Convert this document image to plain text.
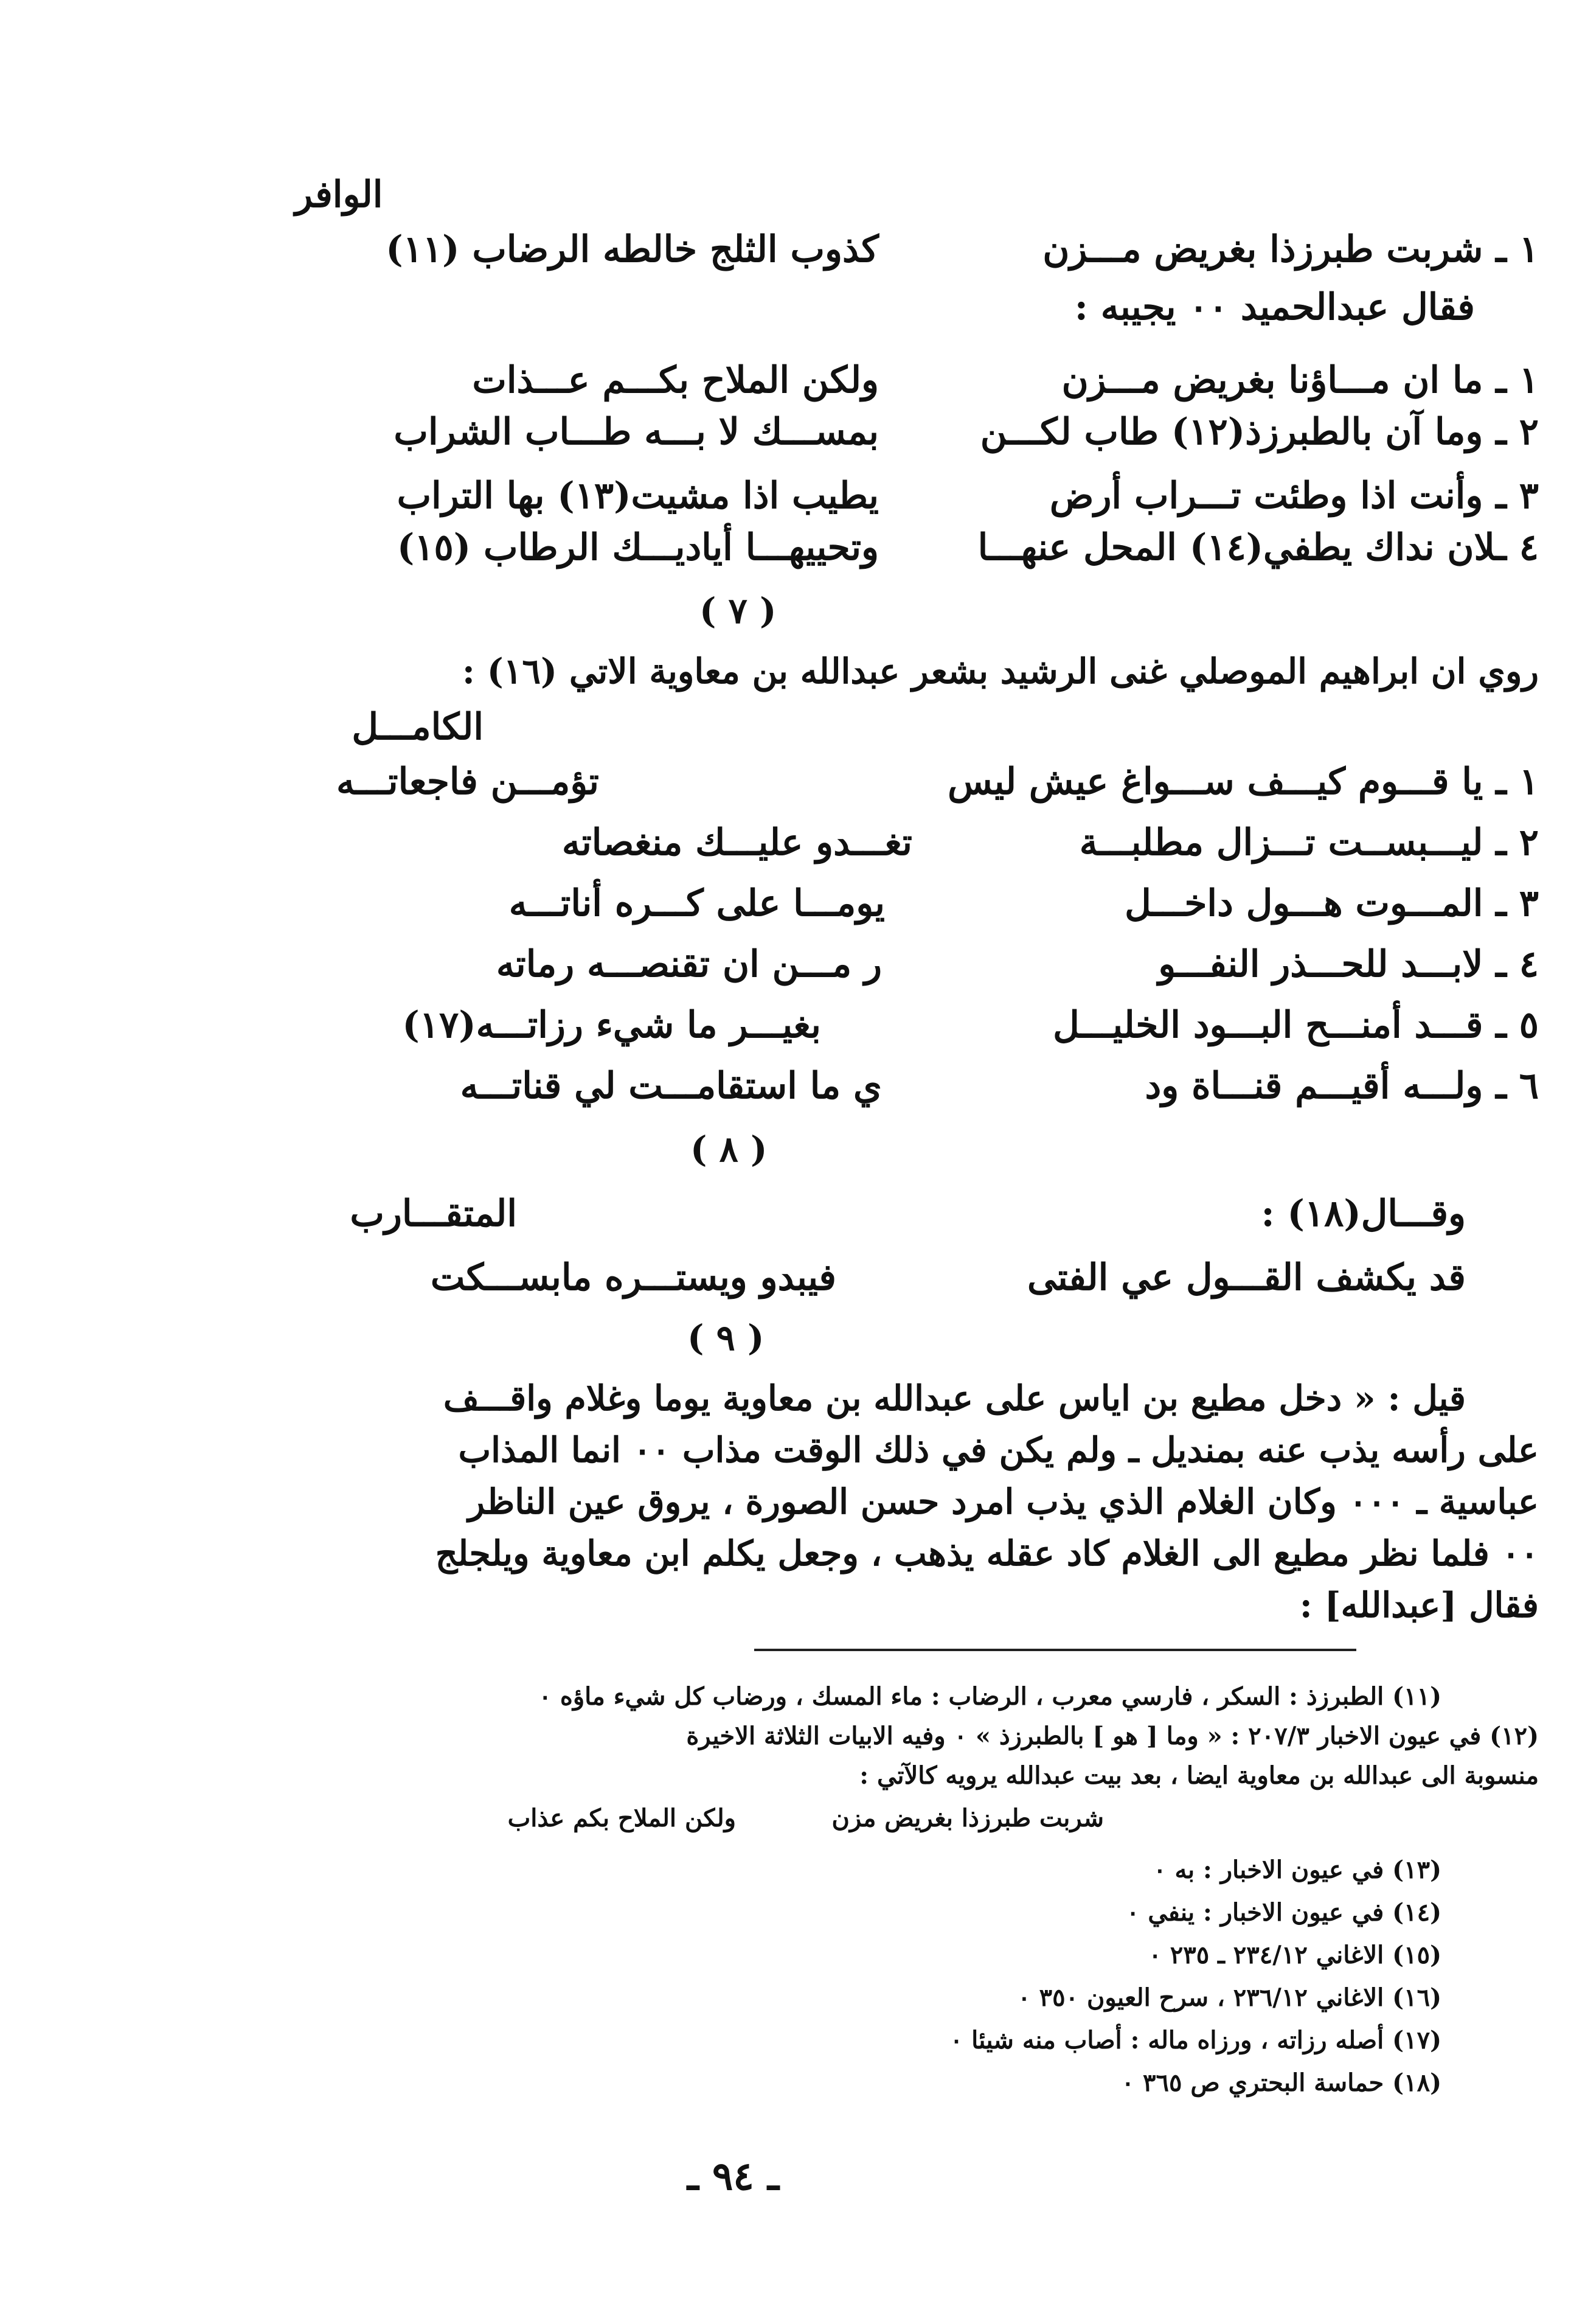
الوافر
١ ـ شربت طبرزذا بغريض مـــزن
كذوب الثلج خالطه الرضاب (١١)
فقال عبدالحميد ٠٠ يجيبه :
١ ـ ما ان مـــاؤنا بغريض مـــزن
ولكن الملاح بكـــم عـــذات
٢ ـ وما آن بالطبرزذ(١٢) طاب لكـــن
بمســـك لا بـــه طـــاب الشراب
٣ ـ وأنت اذا وطئت تـــراب أرض
يطيب اذا مشيت(١٣) بها التراب
٤ ـلان نداك يطفي(١٤) المحل عنهـــا
وتحييهـــا أياديـــك الرطاب (١٥)
( ٧ )
روي ان ابراهيم الموصلي غنى الرشيد بشعر عبدالله بن معاوية الاتي (١٦) :
الكامـــل
١ ـ يا قـــوم كيـــف ســـواغ عيش ليس
تؤمـــن فاجعاتـــه
٢ ـ ليـــبســت تـــزال مطلبـــة
تغـــدو عليـــك منغصاته
٣ ـ المـــوت هـــول داخـــل
يومـــا على كـــره أناتـــه
٤ ـ لابـــد للحـــذر النفـــو
ر مـــن ان تقنصـــه رماته
٥ ـ قـــد أمنـــح البـــود الخليـــل
بغيـــر ما شيء رزاتـــه(١٧)
٦ ـ ولـــه أقيـــم قنـــاة ود
ي ما استقامـــت لي قناتـــه
( ٨ )
وقـــال(١٨) :
المتقـــارب
قد يكشف القـــول عي الفتى
فيبدو ويستـــره مابســـكت
( ٩ )
قيل : « دخل مطيع بن اياس على عبدالله بن معاوية يوما وغلام واقـــف
على رأسه يذب عنه بمنديل ـ ولم يكن في ذلك الوقت مذاب ٠٠ انما المذاب
عباسية ـ ٠٠٠ وكان الغلام الذي يذب امرد حسن الصورة ، يروق عين الناظر
٠٠ فلما نظر مطيع الى الغلام كاد عقله يذهب ، وجعل يكلم ابن معاوية ويلجلج
فقال [عبدالله] :
(١١) الطبرزذ : السكر ، فارسي معرب ، الرضاب : ماء المسك ، ورضاب كل شيء ماؤه ٠
(١٢) في عيون الاخبار ٢٠٧/٣ : « وما [ هو ] بالطبرزذ » ٠ وفيه الابيات الثلاثة الاخيرة
منسوبة الى عبدالله بن معاوية ايضا ، بعد بيت عبدالله يرويه كالآتي :
شربت طبرزذا بغريض مزن
ولكن الملاح بكم عذاب
(١٣) في عيون الاخبار : به ٠
(١٤) في عيون الاخبار : ينفي ٠
(١٥) الاغاني ٢٣٤/١٢ ـ ٢٣٥ ٠
(١٦) الاغاني ٢٣٦/١٢ ، سرح العيون ٣٥٠ ٠
(١٧) أصله رزاته ، ورزاه ماله : أصاب منه شيئا ٠
(١٨) حماسة البحتري ص ٣٦٥ ٠
ـ ٩٤ ـ
